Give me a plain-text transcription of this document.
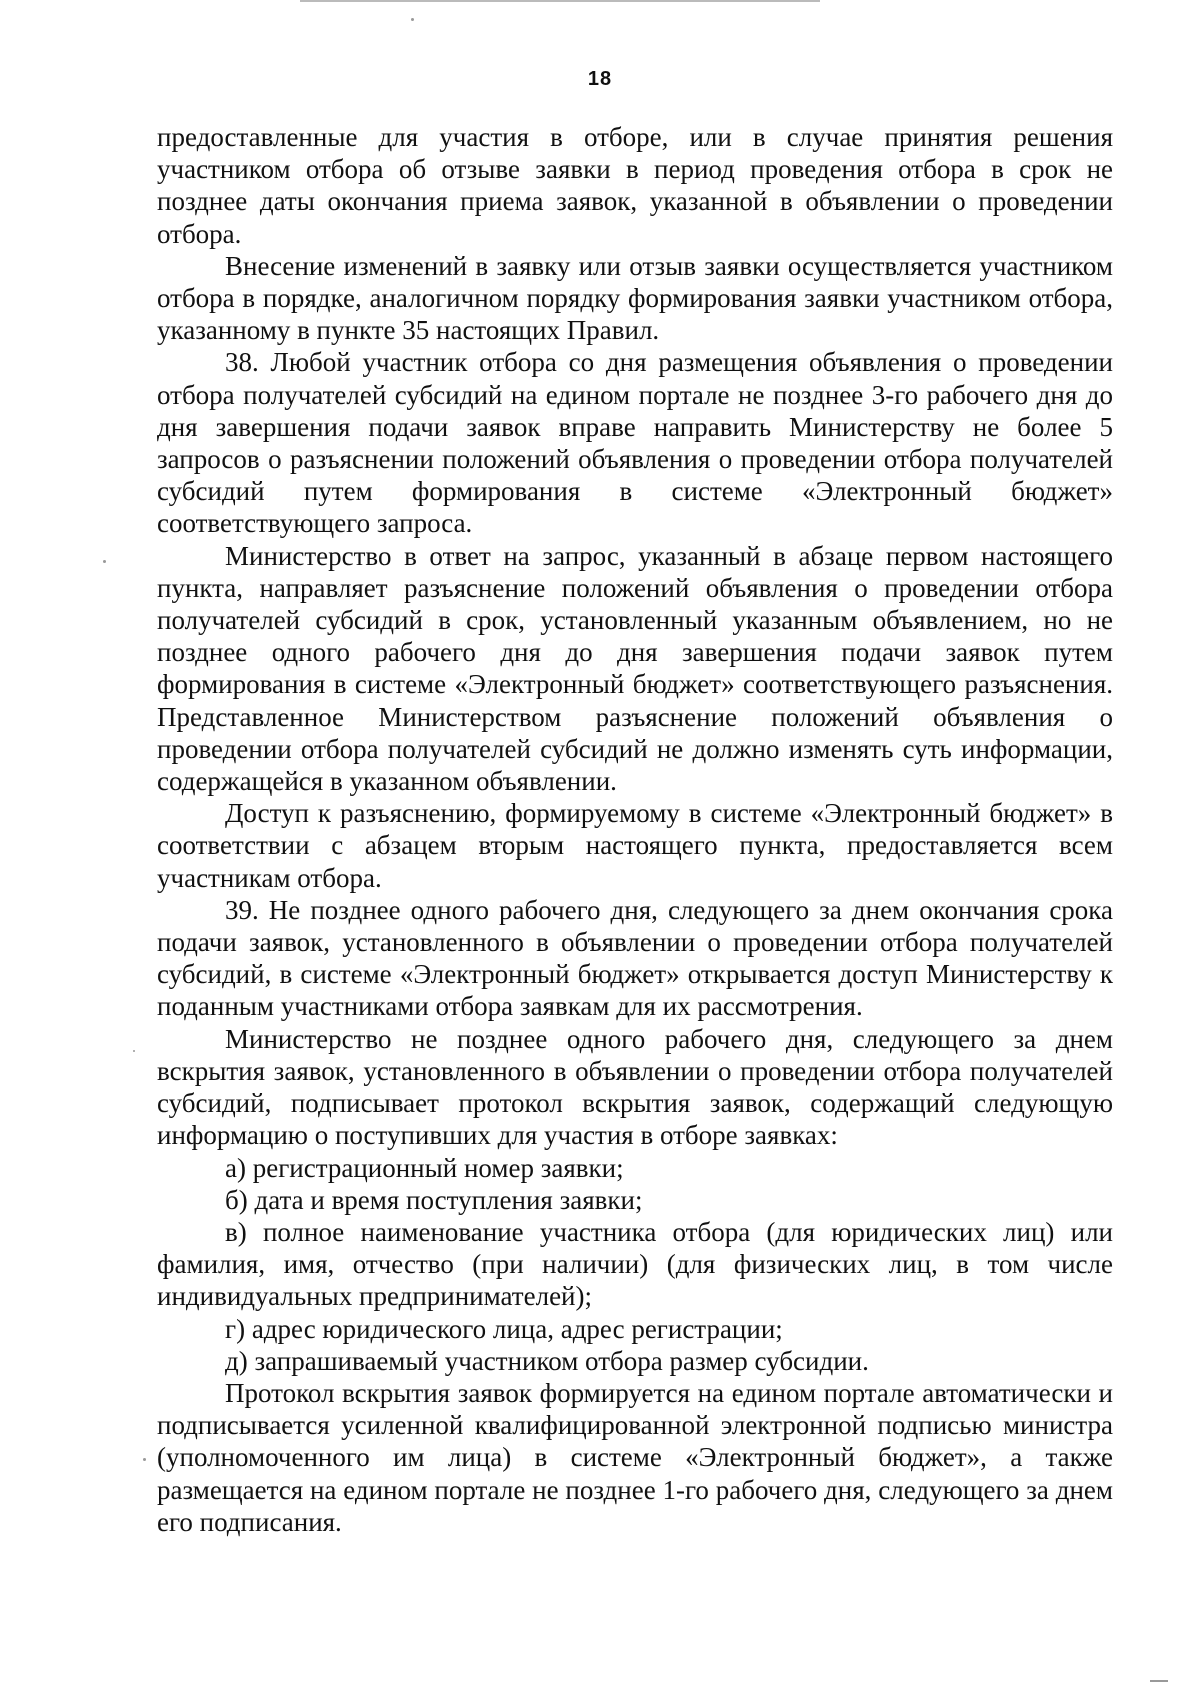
18

предоставленные для участия в отборе, или в случае принятия решения участником отбора об отзыве заявки в период проведения отбора в срок не позднее даты окончания приема заявок, указанной в объявлении о проведении отбора.

Внесение изменений в заявку или отзыв заявки осуществляется участником отбора в порядке, аналогичном порядку формирования заявки участником отбора, указанному в пункте 35 настоящих Правил.

38. Любой участник отбора со дня размещения объявления о проведении отбора получателей субсидий на едином портале не позднее 3-го рабочего дня до дня завершения подачи заявок вправе направить Министерству не более 5 запросов о разъяснении положений объявления о проведении отбора получателей субсидий путем формирования в системе «Электронный бюджет» соответствующего запроса.

Министерство в ответ на запрос, указанный в абзаце первом настоящего пункта, направляет разъяснение положений объявления о проведении отбора получателей субсидий в срок, установленный указанным объявлением, но не позднее одного рабочего дня до дня завершения подачи заявок путем формирования в системе «Электронный бюджет» соответствующего разъяснения. Представленное Министерством разъяснение положений объявления о проведении отбора получателей субсидий не должно изменять суть информации, содержащейся в указанном объявлении.

Доступ к разъяснению, формируемому в системе «Электронный бюджет» в соответствии с абзацем вторым настоящего пункта, предоставляется всем участникам отбора.

39. Не позднее одного рабочего дня, следующего за днем окончания срока подачи заявок, установленного в объявлении о проведении отбора получателей субсидий, в системе «Электронный бюджет» открывается доступ Министерству к поданным участниками отбора заявкам для их рассмотрения.

Министерство не позднее одного рабочего дня, следующего за днем вскрытия заявок, установленного в объявлении о проведении отбора получателей субсидий, подписывает протокол вскрытия заявок, содержащий следующую информацию о поступивших для участия в отборе заявках:

а) регистрационный номер заявки;

б) дата и время поступления заявки;

в) полное наименование участника отбора (для юридических лиц) или фамилия, имя, отчество (при наличии) (для физических лиц, в том числе индивидуальных предпринимателей);

г) адрес юридического лица, адрес регистрации;

д) запрашиваемый участником отбора размер субсидии.

Протокол вскрытия заявок формируется на едином портале автоматически и подписывается усиленной квалифицированной электронной подписью министра (уполномоченного им лица) в системе «Электронный бюджет», а также размещается на едином портале не позднее 1-го рабочего дня, следующего за днем его подписания.
